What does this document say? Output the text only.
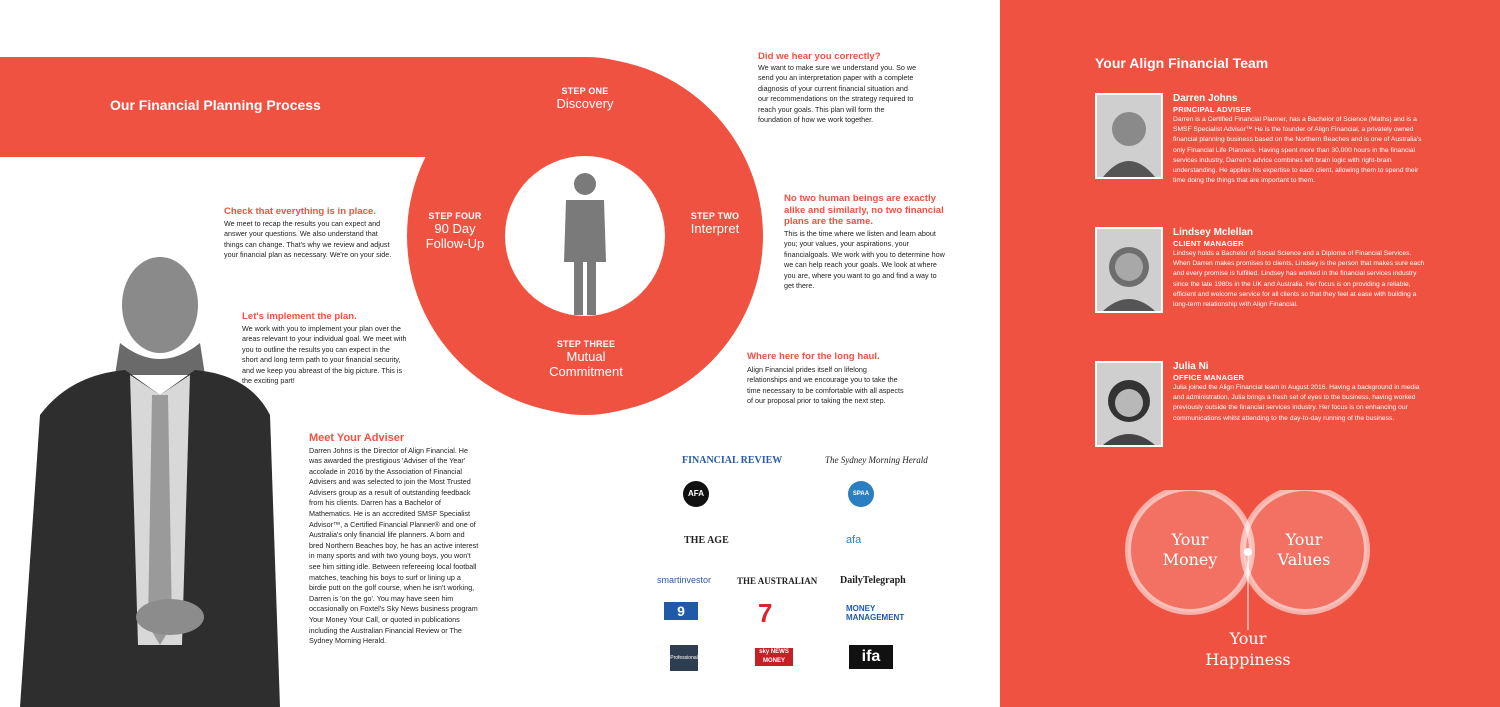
Our Financial Planning Process
STEP ONE
Discovery
STEP TWO
Interpret
STEP THREE
Mutual Commitment
STEP FOUR
90 Day Follow-Up
Did we hear you correctly?
We want to make sure we understand you. So we send you an interpretation paper with a complete diagnosis of your current financial situation and our recommendations on the strategy required to reach your goals. This plan will form the foundation of how we work together.
No two human beings are exactly alike and similarly, no two financial plans are the same.
This is the time where we listen and learn about you; your values, your aspirations, your financialgoals. We work with you to determine how we can help reach your goals. We look at where you are, where you want to go and find a way to get there.
Where here for the long haul.
Align Financial prides itself on lifelong relationships and we encourage you to take the time necessary to be comfortable with all aspects of our proposal prior to taking the next step.
Check that everything is in place.
We meet to recap the results you can expect and answer your questions. We also understand that things can change. That's why we review and adjust your financial plan as necessary. We're on your side.
Let's implement the plan.
We work with you to implement your plan over the areas relevant to your individual goal. We meet with you to outline the results you can expect in the short and long term path to your financial security, and we keep you abreast of the big picture. This is the exciting part!
Meet Your Adviser
Darren Johns is the Director of Align Financial. He was awarded the prestigious 'Adviser of the Year' accolade in 2016 by the Association of Financial Advisers and was selected to join the Most Trusted Advisers group as a result of outstanding feedback from his clients. Darren has a Bachelor of Mathematics. He is an accredited SMSF Specialist Advisor™, a Certified Financial Planner® and one of Australia's only financial life planners. A born and bred Northern Beaches boy, he has an active interest in many sports and with two young boys, you won't see him sitting idle. Between refereeing local football matches, teaching his boys to surf or lining up a birdie putt on the golf course, when he isn't working, Darren is 'on the go'. You may have seen him occasionally on Foxtel's Sky News business program Your Money Your Call, or quoted in publications including the Australian Financial Review or The Sydney Morning Herald.
FINANCIAL REVIEW	The Sydney Morning Herald
AFA	SPAA
THE AGE	afa
smartinvestor	THE AUSTRALIAN DailyTelegraph
9	7	MONEY MANAGEMENT
Professional
sky NEWS MONEY	ifa
Your Align Financial Team
Darren Johns
PRINCIPAL ADVISER
Darren is a Certified Financial Planner, has a Bachelor of Science (Maths) and is a SMSF Specialist Advisor™ He is the founder of Align Financial, a privately owned financial planning business based on the Northern Beaches and is one of Australia's only Financial Life Planners. Having spent more than 30,000 hours in the financial services industry, Darren's advice combines left brain logic with right-brain understanding. He applies his expertise to each client, allowing them to spend their time doing the things that are important to them.
Lindsey Mclellan
CLIENT MANAGER
Lindsey holds a Bachelor of Social Science and a Diploma of Financial Services. When Darren makes promises to clients, Lindsey is the person that makes sure each and every promise is fulfilled. Lindsey has worked in the financial services industry since the late 1980s in the UK and Australia. Her focus is on providing a reliable, efficient and welcome service for all clients so that they feel at ease with building a long-term relationship with Align Financial.
Julia Ni
OFFICE MANAGER
Julia joined the Align Financial team in August 2016. Having a background in media and administration, Julia brings a fresh set of eyes to the business, having worked previously outside the financial services industry. Her focus is on enhancing our communications whilst attending to the day-to-day running of the business.
Your
Money
Your
Values
Your
Happiness
